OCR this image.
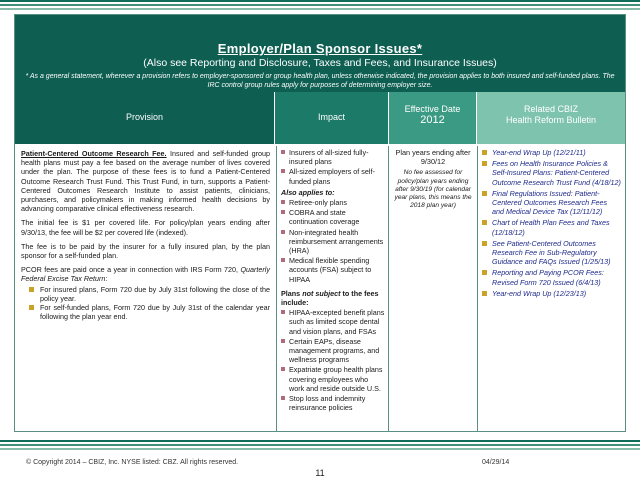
Employer/Plan Sponsor Issues*
(Also see Reporting and Disclosure, Taxes and Fees, and Insurance Issues)
* As a general statement, wherever a provision refers to employer-sponsored or group health plan, unless otherwise indicated, the provision applies to both insured and self-funded plans. The IRC control group rules apply for purposes of determining employer size.
Provision	Impact
Effective Date
2012
Related CBIZ
Health Reform Bulletin

Patient-Centered Outcome Research Fee. Insured and self-funded group health plans must pay a fee based on the average number of lives covered under the plan. The purpose of these fees is to fund a Patient-Centered Outcome Research Trust Fund. This Trust Fund, in turn, supports a Patient-Centered Outcomes Research Institute to assist patients, clinicians, purchasers, and policymakers in making informed health decisions by advancing comparative clinical effectiveness research.

The initial fee is $1 per covered life. For policy/plan years ending after 9/30/13, the fee will be $2 per covered life (indexed).

The fee is to be paid by the insurer for a fully insured plan, by the plan sponsor for a self-funded plan.

PCOR fees are paid once a year in connection with IRS Form 720, Quarterly Federal Excise Tax Return:

For insured plans, Form 720 due by July 31st following the close of the policy year.
For self-funded plans, Form 720 due by July 31st of the calendar year following the plan year end.
Insurers of all-sized fully-insured plans
All-sized employers of self-funded plans
Also applies to:
Retiree-only plans
COBRA and state continuation coverage
Non-integrated health reimbursement arrangements (HRA)
Medical flexible spending accounts (FSA) subject to HIPAA
Plans not subject to the fees include:
HIPAA-excepted benefit plans such as limited scope dental and vision plans, and FSAs
Certain EAPs, disease management programs, and wellness programs
Expatriate group health plans covering employees who work and reside outside U.S.
Stop loss and indemnity reinsurance policies
Plan years ending after 9/30/12
No fee assessed for policy/plan years ending after 9/30/19 (for calendar year plans, this means the 2018 plan year)
Year-end Wrap Up (12/21/11)
Fees on Health Insurance Policies & Self-Insured Plans: Patient-Centered Outcome Research Trust Fund (4/18/12)
Final Regulations Issued: Patient-Centered Outcomes Research Fees and Medical Device Tax (12/11/12)
Chart of Health Plan Fees and Taxes (12/18/12)
See Patient-Centered Outcomes Research Fee in Sub-Regulatory Guidance and FAQs Issued (1/25/13)
Reporting and Paying PCOR Fees: Revised Form 720 Issued (6/4/13)
Year-end Wrap Up (12/23/13)
© Copyright 2014 – CBIZ, Inc. NYSE listed: CBZ. All rights reserved.	04/29/14
11
